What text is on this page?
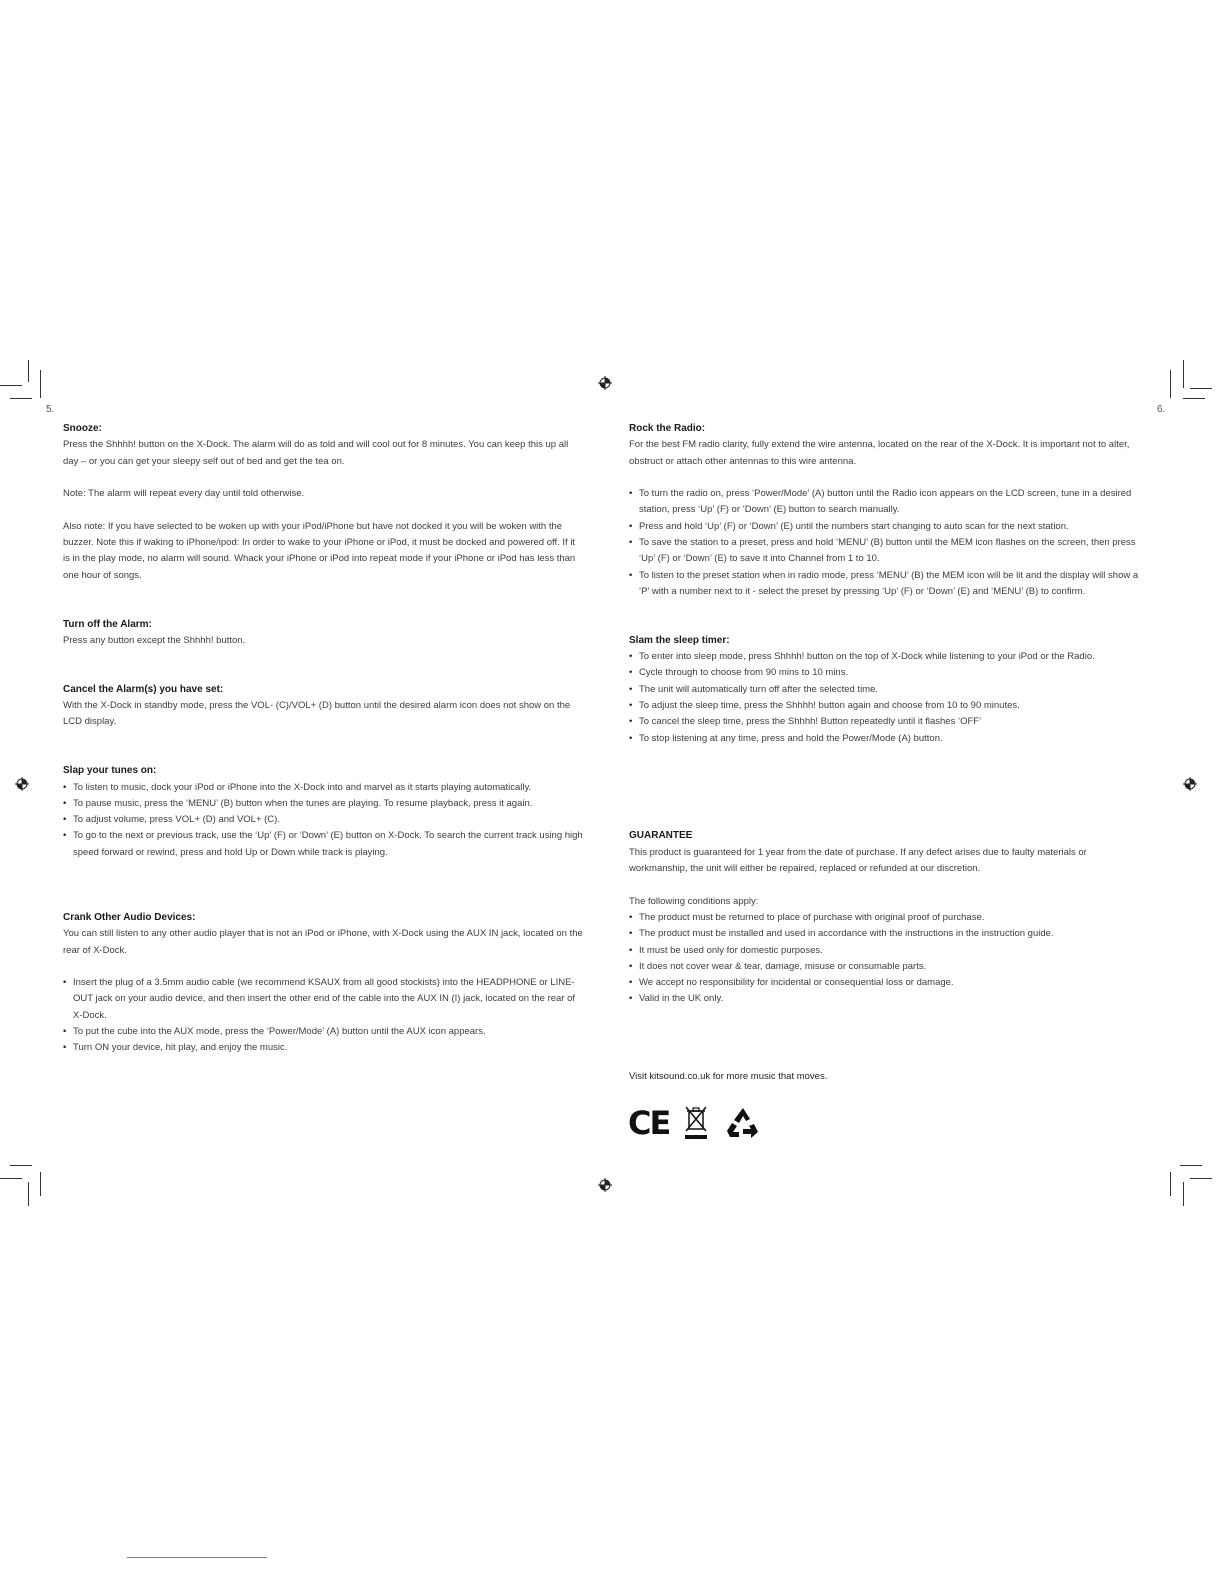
5.	6.
Snooze:

Press the Shhhh! button on the X-Dock. The alarm will do as told and will cool out for 8 minutes. You can keep this up all day – or you can get your sleepy self out of bed and get the tea on.

Note: The alarm will repeat every day until told otherwise.

Also note: If you have selected to be woken up with your iPod/iPhone but have not docked it you will be woken with the buzzer. Note this if waking to iPhone/ipod: In order to wake to your iPhone or iPod, it must be docked and powered off. If it is in the play mode, no alarm will sound. Whack your iPhone or iPod into repeat mode if your iPhone or iPod has less than one hour of songs.

Turn off the Alarm:

Press any button except the Shhhh! button.

Cancel the Alarm(s) you have set:

With the X-Dock in standby mode, press the VOL- (C)/VOL+ (D) button until the desired alarm icon does not show on the LCD display.

Slap your tunes on:
• To listen to music, dock your iPod or iPhone into the X-Dock into and marvel as it starts playing automatically.
• To pause music, press the ‘MENU’ (B) button when the tunes are playing. To resume playback, press it again.
• To adjust volume, press VOL+ (D) and VOL+ (C).
• To go to the next or previous track, use the ‘Up’ (F) or ‘Down’ (E) button on X-Dock. To search the current track using high speed forward or rewind, press and hold Up or Down while track is playing.
Crank Other Audio Devices:

You can still listen to any other audio player that is not an iPod or iPhone, with X-Dock using the AUX IN jack, located on the rear of X-Dock.

• Insert the plug of a 3.5mm audio cable (we recommend KSAUX from all good stockists) into the HEADPHONE or LINE-OUT jack on your audio device, and then insert the other end of the cable into the AUX IN (I) jack, located on the rear of X-Dock.
• To put the cube into the AUX mode, press the ‘Power/Mode’ (A) button until the AUX icon appears.
• Turn ON your device, hit play, and enjoy the music.
Rock the Radio:

For the best FM radio clarity, fully extend the wire antenna, located on the rear of the X-Dock. It is important not to alter, obstruct or attach other antennas to this wire antenna.

• To turn the radio on, press ‘Power/Mode’ (A) button until the Radio icon appears on the LCD screen, tune in a desired station, press ‘Up’ (F) or ‘Down’ (E) button to search manually.
• Press and hold ‘Up’ (F) or ‘Down’ (E) until the numbers start changing to auto scan for the next station.
• To save the station to a preset, press and hold ‘MENU’ (B) button until the MEM icon flashes on the screen, then press ‘Up’ (F) or ‘Down’ (E) to save it into Channel from 1 to 10.
• To listen to the preset station when in radio mode, press ‘MENU’ (B) the MEM icon will be lit and the display will show a ‘P’ with a number next to it - select the preset by pressing ‘Up’ (F) or ‘Down’ (E) and ‘MENU’ (B) to confirm.
Slam the sleep timer:
• To enter into sleep mode, press Shhhh! button on the top of X-Dock while listening to your iPod or the Radio.
• Cycle through to choose from 90 mins to 10 mins.
• The unit will automatically turn off after the selected time.
• To adjust the sleep time, press the Shhhh! button again and choose from 10 to 90 minutes.
• To cancel the sleep time, press the Shhhh! Button repeatedly until it flashes ‘OFF’
• To stop listening at any time, press and hold the Power/Mode (A) button.
GUARANTEE

This product is guaranteed for 1 year from the date of purchase. If any defect arises due to faulty materials or workmanship, the unit will either be repaired, replaced or refunded at our discretion.

The following conditions apply:

• The product must be returned to place of purchase with original proof of purchase.
• The product must be installed and used in accordance with the instructions in the instruction guide.
• It must be used only for domestic purposes.
• It does not cover wear & tear, damage, misuse or consumable parts.
• We accept no responsibility for incidental or consequential loss or damage.
• Valid in the UK only.
Visit kitsound.co.uk for more music that moves.
CE
